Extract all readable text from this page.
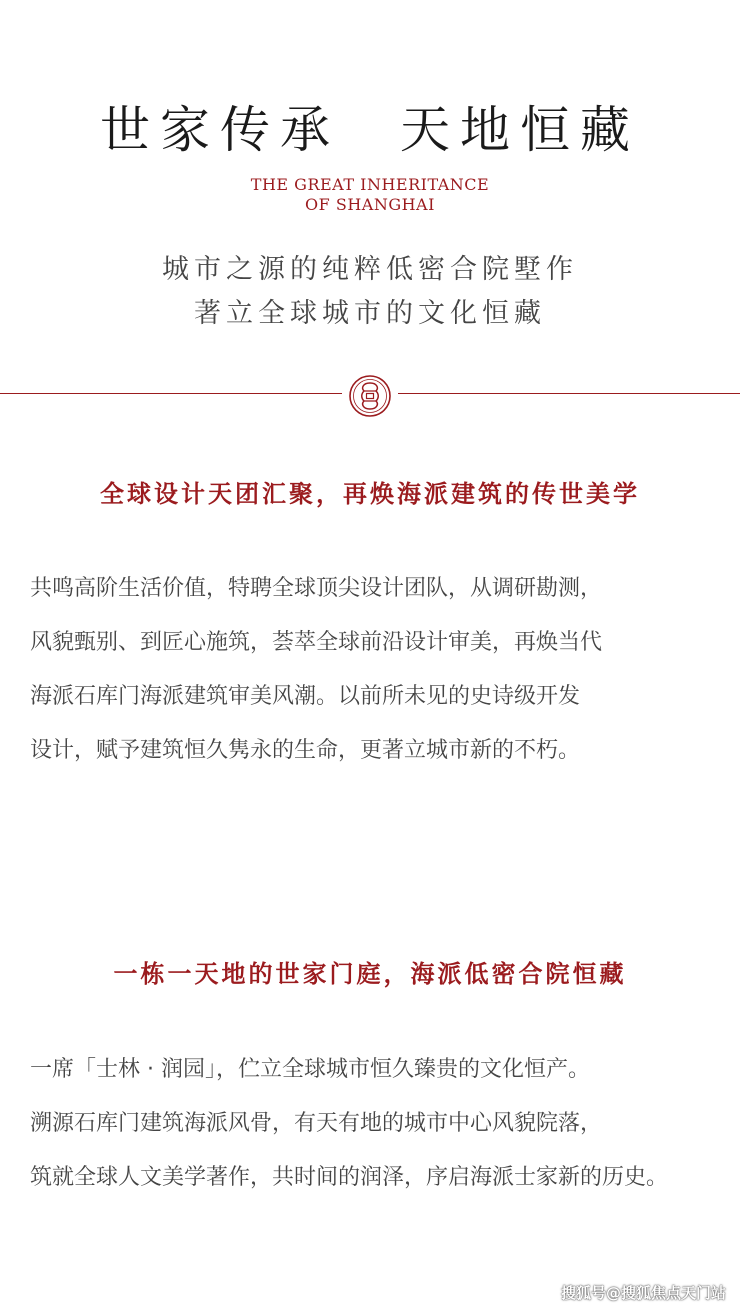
世家传承　天地恒藏
THE GREAT INHERITANCE
OF SHANGHAI
城市之源的纯粹低密合院墅作
著立全球城市的文化恒藏
全球设计天团汇聚，再焕海派建筑的传世美学
共鸣高阶生活价值，特聘全球顶尖设计团队，从调研勘测，
风貌甄别、到匠心施筑，荟萃全球前沿设计审美，再焕当代
海派石库门海派建筑审美风潮。以前所未见的史诗级开发
设计，赋予建筑恒久隽永的生命，更著立城市新的不朽。
一栋一天地的世家门庭，海派低密合院恒藏
一席「士林 · 润园」，伫立全球城市恒久臻贵的文化恒产。
溯源石库门建筑海派风骨，有天有地的城市中心风貌院落，
筑就全球人文美学著作，共时间的润泽，序启海派士家新的历史。
搜狐号@搜狐焦点天门站
